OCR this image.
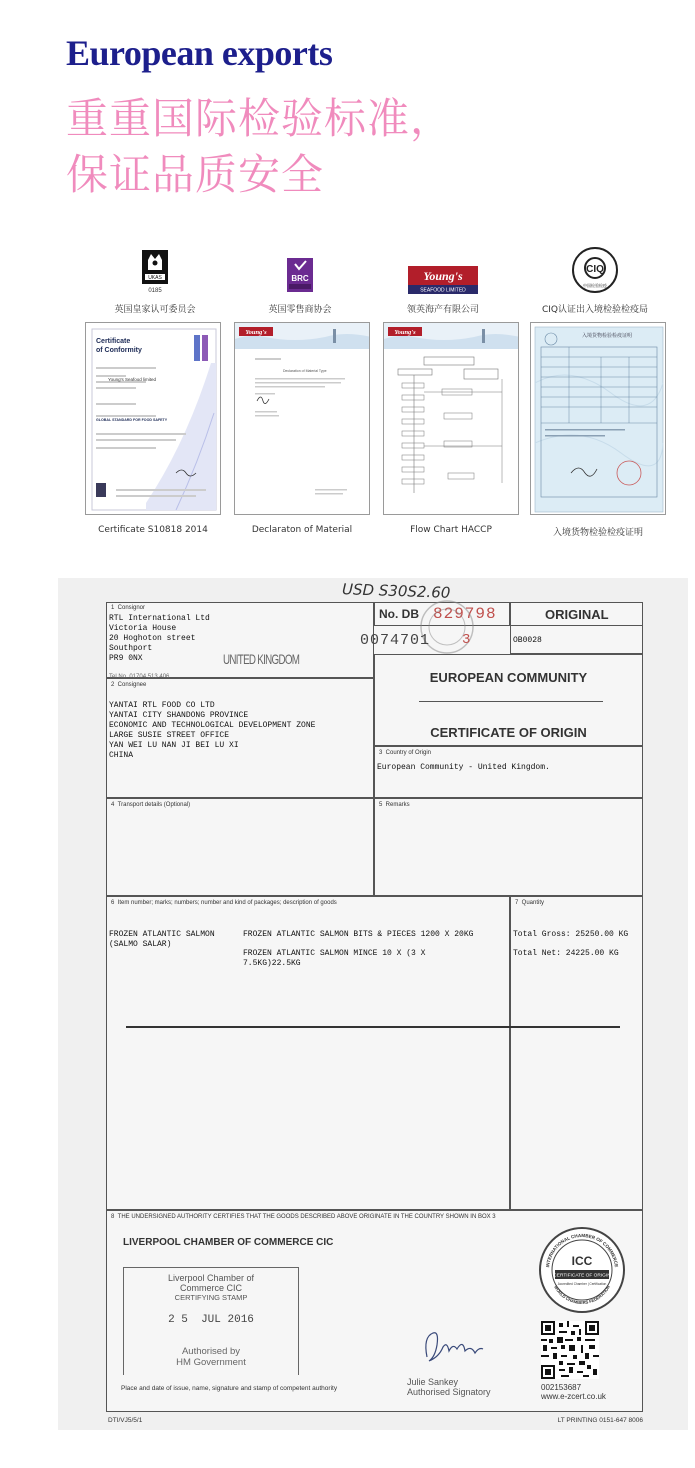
European exports
重重国际检验标准，
保证品质安全
UKAS
0185
英国皇家认可委员会
BRC
英国零售商协会
Young's
SEAFOOD LIMITED
领英海产有限公司
CIQ
中国检验检疫
CIQ认证出入境检验检疫局
Certificate
of Conformity
Young's Seafood limited
GLOBAL STANDARD FOR FOOD SAFETY
Certificate S10818 2014
Young's
Declaration of Material Type
Declaraton of Material
Young's
Flow Chart HACCP
入境货物检验检疫证明
入境货物检验检疫证明
USD S30S2.60
1  Consignor
RTL International Ltd
Victoria House
20 Hoghoton street
Southport
PR9 0NX	UNITED KINGDOM
Tel No. 01704 513 406
2  Consignee
YANTAI RTL FOOD CO LTD
YANTAI CITY SHANDONG PROVINCE
ECONOMIC AND TECHNOLOGICAL DEVELOPMENT ZONE
LARGE SUSIE STREET OFFICE
YAN WEI LU NAN JI BEI LU XI
CHINA
No. DB 829798	ORIGINAL
0074701 3	OB0028
EUROPEAN COMMUNITY
CERTIFICATE OF ORIGIN
3  Country of Origin
European Community - United Kingdom.
4  Transport details (Optional)	5  Remarks
6  Item number; marks; numbers; number and kind of packages; description of goods
FROZEN ATLANTIC SALMON
(SALMO SALAR)
FROZEN ATLANTIC SALMON BITS & PIECES 1200 X 20KG
FROZEN ATLANTIC SALMON MINCE 10 X (3 X
7.5KG)22.5KG
7  Quantity
Total Gross: 25250.00 KG
Total Net: 24225.00 KG
8  THE UNDERSIGNED AUTHORITY CERTIFIES THAT THE GOODS DESCRIBED ABOVE ORIGINATE IN THE COUNTRY SHOWN IN BOX 3
LIVERPOOL CHAMBER OF COMMERCE CIC
Liverpool Chamber of
Commerce CIC
CERTIFYING STAMP
2 5  JUL 2016
Authorised by
HM Government
Julie Sankey
Authorised Signatory
INTERNATIONAL CHAMBER OF COMMERCE
WORLD CHAMBERS FEDERATION
ICC
CERTIFICATE OF ORIGIN
Accredited Chamber | Certification
002153687
www.e-zcert.co.uk
Place and date of issue, name, signature and stamp of competent authority
DTI/VJ5/5/1	LT PRINTING 0151-647 8006
